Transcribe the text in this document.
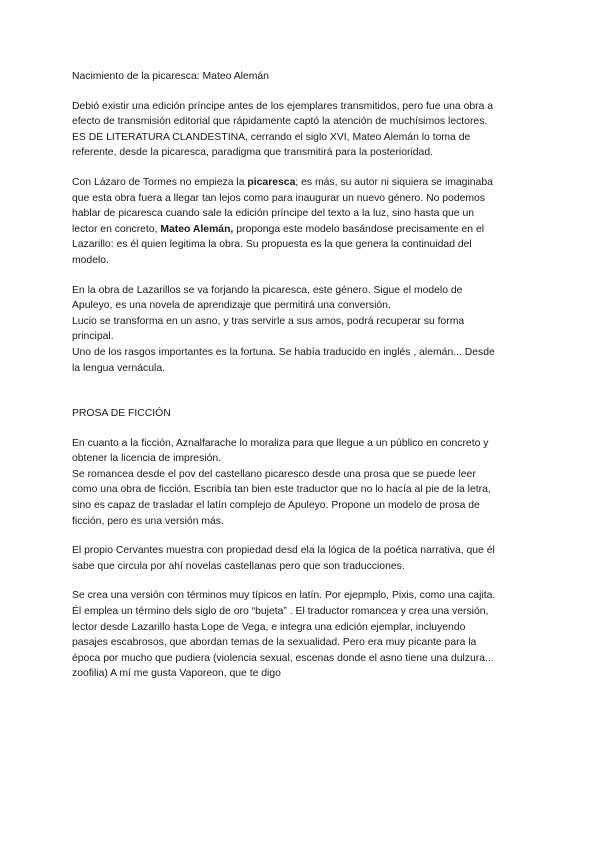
Nacimiento de la picaresca: Mateo Alemán

Debió existir una edición príncipe antes de los ejemplares transmitidos, pero fue una obra a
efecto de transmisión editorial que rápidamente captó la atención de muchísimos lectores.
ES DE LITERATURA CLANDESTINA, cerrando el siglo XVI, Mateo Alemán lo toma de
referente, desde la picaresca, paradigma que transmitirá para la posterioridad.

Con Lázaro de Tormes no empieza la picaresca; es más, su autor ni siquiera se imaginaba
que esta obra fuera a llegar tan lejos como para inaugurar un nuevo género. No podemos
hablar de picaresca cuando sale la edición príncipe del texto a la luz, sino hasta que un
lector en concreto, Mateo Alemán, proponga este modelo basándose precisamente en el
Lazarillo: es él quien legitima la obra. Su propuesta es la que genera la continuidad del
modelo.

En la obra de Lazarillos se va forjando la picaresca, este género. Sigue el modelo de
Apuleyo, es una novela de aprendizaje que permitirá una conversión.
Lucio se transforma en un asno, y tras servirle a sus amos, podrá recuperar su forma
principal.
Uno de los rasgos importantes es la fortuna. Se había traducido en inglés , alemán... Desde
la lengua vernácula.

PROSA DE FICCIÓN

En cuanto a la ficción, Aznalfarache lo moraliza para que llegue a un público en concreto y
obtener la licencia de impresión.
Se romancea desde el pov del castellano picaresco desde una prosa que se puede leer
como una obra de ficción. Escribía tan bien este traductor que no lo hacía al pie de la letra,
sino es capaz de trasladar el latín complejo de Apuleyo. Propone un modelo de prosa de
ficción, pero es una versión más.

El propio Cervantes muestra con propiedad desd ela la lógica de la poética narrativa, que él
sabe que circula por ahí novelas castellanas pero que son traducciones.

Se crea una versión con términos muy típicos en latín. Por ejepmplo, Pixis, como una cajita.
Él emplea un término dels siglo de oro “bujeta” . El traductor romancea y crea una versión,
lector desde Lazarillo hasta Lope de Vega, e integra una edición ejemplar, incluyendo
pasajes escabrosos, que abordan temas de la sexualidad. Pero era muy picante para la
época por mucho que pudiera (violencia sexual, escenas donde el asno tiene una dulzura...
zoofilia) A mí me gusta Vaporeon, que te digo
